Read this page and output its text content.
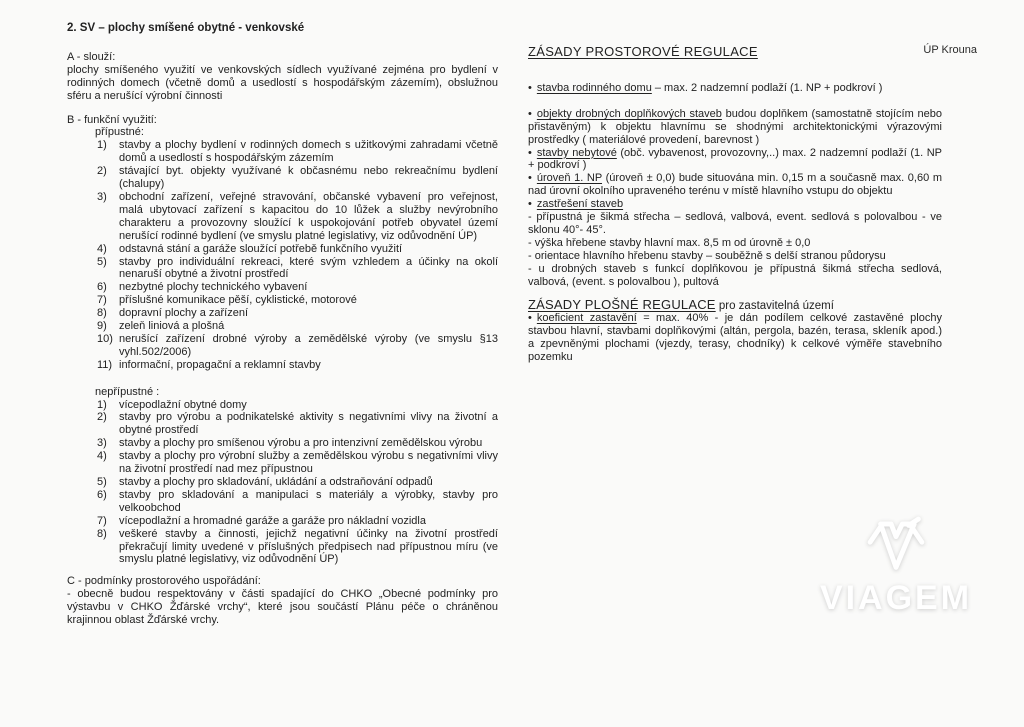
ÚP Krouna

2. SV – plochy smíšené obytné - venkovské

A - slouží:

plochy smíšeného využití ve venkovských sídlech využívané zejména pro bydlení v rodinných domech (včetně domů a usedlostí s hospodářským zázemím), obslužnou sféru a nerušící výrobní činnosti

B - funkční využití:

přípustné:

1)	stavby a plochy bydlení v rodinných domech s užitkovými zahradami včetně domů a usedlostí s hospodářským zázemím
2)	stávající byt. objekty využívané k občasnému nebo rekreačnímu bydlení (chalupy)
3)	obchodní zařízení, veřejné stravování, občanské vybavení pro veřejnost, malá ubytovací zařízení s kapacitou do 10 lůžek a služby nevýrobního charakteru a provozovny sloužící k uspokojování potřeb obyvatel území nerušící rodinné bydlení (ve smyslu platné legislativy, viz odůvodnění ÚP)
4)	odstavná stání a garáže sloužící potřebě funkčního využití
5)	stavby pro individuální rekreaci, které svým vzhledem a účinky na okolí nenaruší obytné a životní prostředí
6)	nezbytné plochy technického vybavení
7)	příslušné komunikace pěší, cyklistické, motorové
8)	dopravní plochy a zařízení
9)	zeleň liniová a plošná
10) nerušící zařízení drobné výroby a zemědělské výroby (ve smyslu §13 vyhl.502/2006)
11) informační, propagační a reklamní stavby

nepřípustné :

1)	vícepodlažní obytné domy
2)	stavby pro výrobu a podnikatelské aktivity s negativními vlivy na životní a obytné prostředí
3)	stavby a plochy pro smíšenou výrobu a pro intenzivní zemědělskou výrobu
4)	stavby a plochy pro výrobní služby a zemědělskou výrobu s negativními vlivy na životní prostředí nad mez přípustnou
5)	stavby a plochy pro skladování, ukládání a odstraňování odpadů
6)	stavby pro skladování a manipulaci s materiály a výrobky, stavby pro velkoobchod
7)	vícepodlažní a hromadné garáže a garáže pro nákladní vozidla
8)	veškeré stavby a činnosti, jejichž negativní účinky na životní prostředí překračují limity uvedené v příslušných předpisech nad přípustnou míru (ve smyslu platné legislativy, viz odůvodnění ÚP)

C - podmínky prostorového uspořádání:

- obecně budou respektovány v části spadající do CHKO „Obecné podmínky pro výstavbu v CHKO Žďárské vrchy“, které jsou součástí Plánu péče o chráněnou krajinnou oblast Žďárské vrchy.

ZÁSADY PROSTOROVÉ REGULACE

• stavba rodinného domu – max. 2 nadzemní podlaží (1. NP + podkroví )

• objekty drobných doplňkových staveb budou doplňkem (samostatně stojícím nebo přistavěným) k objektu hlavnímu se shodnými architektonickými výrazovými prostředky ( materiálové provedení, barevnost )

• stavby nebytové (obč. vybavenost, provozovny,..) max. 2 nadzemní podlaží (1. NP + podkroví )

• úroveň 1. NP (úroveň ± 0,0) bude situována min. 0,15 m a současně max. 0,60 m nad úrovní okolního upraveného terénu v místě hlavního vstupu do objektu

• zastřešení staveb

- přípustná je šikmá střecha – sedlová, valbová, event. sedlová s polovalbou - ve sklonu 40°- 45°.

- výška hřebene stavby hlavní max. 8,5 m od úrovně ± 0,0

- orientace hlavního hřebenu stavby – souběžně s delší stranou půdorysu

- u drobných staveb s funkcí doplňkovou je přípustná šikmá střecha sedlová, valbová, (event. s polovalbou ), pultová

ZÁSADY PLOŠNÉ REGULACE pro zastavitelná území

• koeficient zastavění = max. 40% - je dán podílem celkové zastavěné plochy stavbou hlavní, stavbami doplňkovými (altán, pergola, bazén, terasa, skleník apod.) a zpevněnými plochami (vjezdy, terasy, chodníky) k celkové výměře stavebního pozemku

VIAGEM
